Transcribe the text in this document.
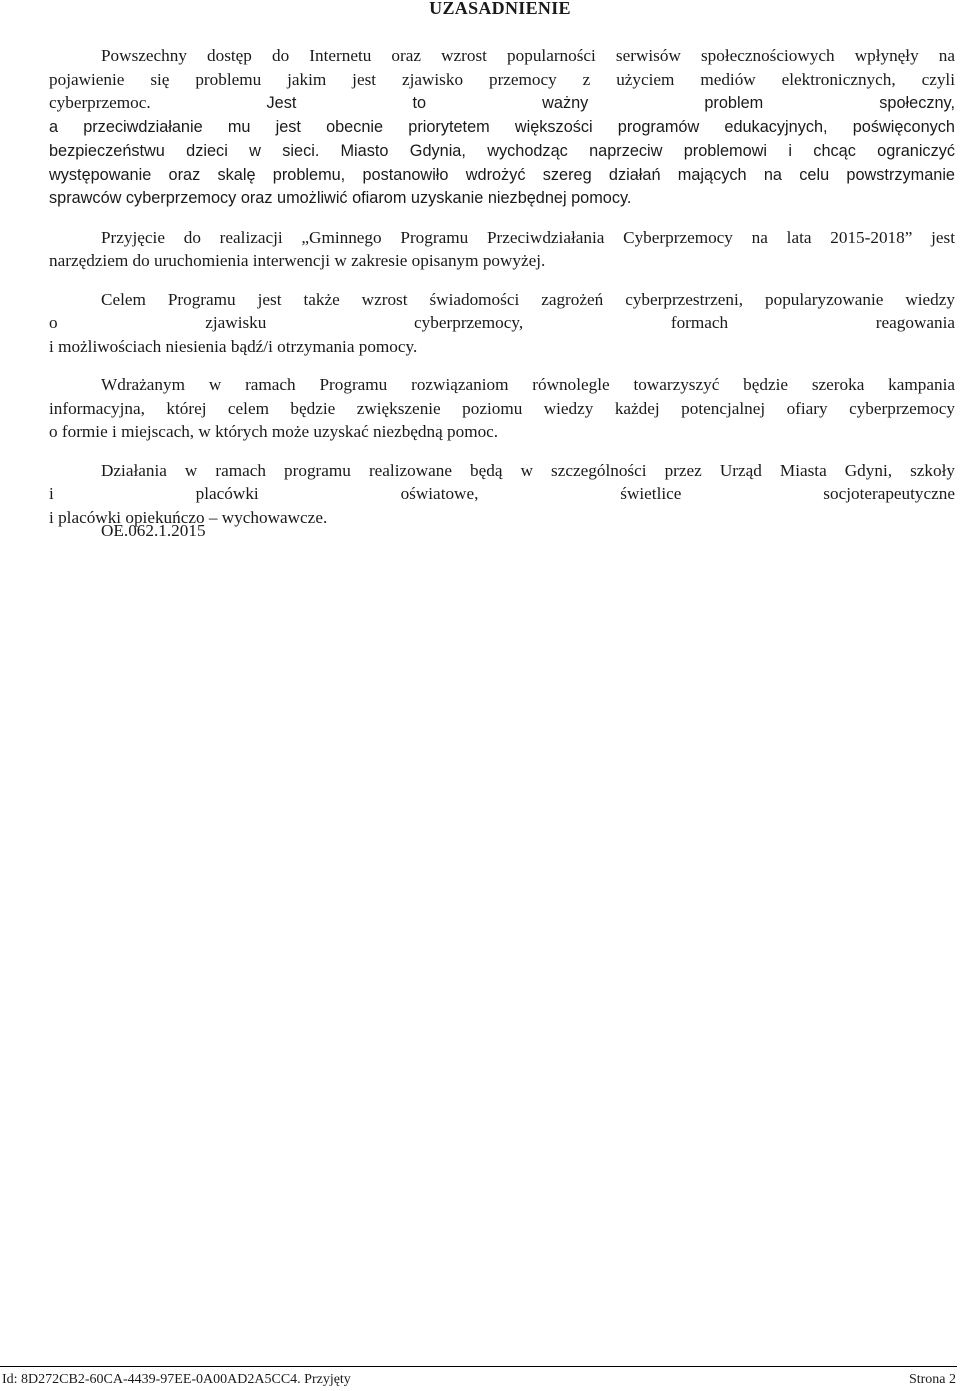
UZASADNIENIE

Powszechny dostęp do Internetu oraz wzrost popularności serwisów społecznościowych wpłynęły na
pojawienie się problemu jakim jest zjawisko przemocy z użyciem mediów elektronicznych, czyli
cyberprzemoc.	Jest to ważny problem społeczny,
a przeciwdziałanie mu jest obecnie priorytetem większości programów edukacyjnych, poświęconych
bezpieczeństwu dzieci w sieci. Miasto Gdynia, wychodząc naprzeciw problemowi i chcąc ograniczyć
występowanie oraz skalę problemu, postanowiło wdrożyć szereg działań mających na celu powstrzymanie
sprawców cyberprzemocy oraz umożliwić ofiarom uzyskanie niezbędnej pomocy.

Przyjęcie do realizacji „Gminnego Programu Przeciwdziałania Cyberprzemocy na lata 2015-2018” jest
narzędziem do uruchomienia interwencji w zakresie opisanym powyżej.

Celem Programu jest także wzrost świadomości zagrożeń cyberprzestrzeni, popularyzowanie wiedzy
o zjawisku cyberprzemocy, formach reagowania
i możliwościach niesienia bądź/i otrzymania pomocy.

Wdrażanym w ramach Programu rozwiązaniom równolegle towarzyszyć będzie szeroka kampania
informacyjna, której celem będzie zwiększenie poziomu wiedzy każdej potencjalnej ofiary cyberprzemocy
o formie i miejscach, w których może uzyskać niezbędną pomoc.

Działania w ramach programu realizowane będą w szczególności przez Urząd Miasta Gdyni, szkoły
i placówki oświatowe, świetlice socjoterapeutyczne
i placówki opiekuńczo – wychowawcze.

OE.062.1.2015

Id: 8D272CB2-60CA-4439-97EE-0A00AD2A5CC4. Przyjęty	Strona 2
